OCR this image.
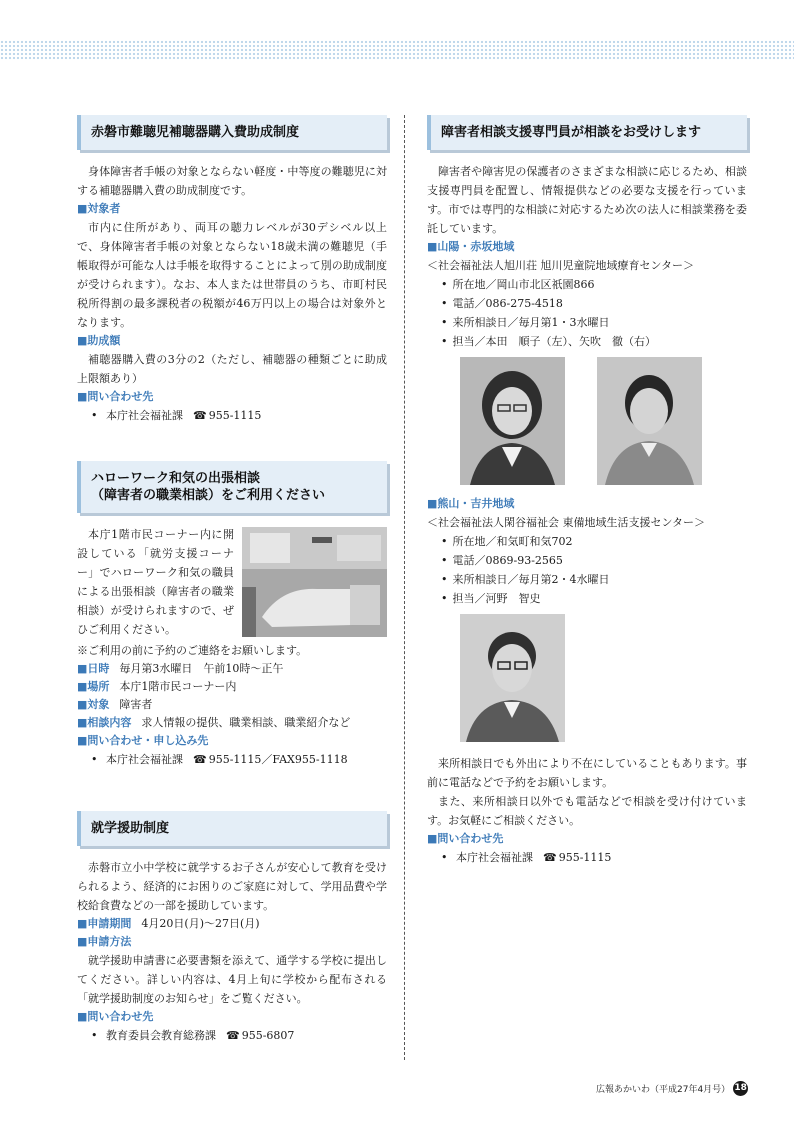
赤磐市難聴児補聴器購入費助成制度

身体障害者手帳の対象とならない軽度・中等度の難聴児に対する補聴器購入費の助成制度です。

■対象者

市内に住所があり、両耳の聴力レベルが30デシベル以上で、身体障害者手帳の対象とならない18歳未満の難聴児（手帳取得が可能な人は手帳を取得することによって別の助成制度が受けられます）。なお、本人または世帯員のうち、市町村民税所得割の最多課税者の税額が46万円以上の場合は対象外となります。

■助成額

補聴器購入費の3分の2（ただし、補聴器の種類ごとに助成上限額あり）

■問い合わせ先

• 本庁社会福祉課 ☎ 955-1115

ハローワーク和気の出張相談
（障害者の職業相談）をご利用ください

本庁1階市民コーナー内に開設している「就労支援コーナー」でハローワーク和気の職員による出張相談（障害者の職業相談）が受けられますので、ぜひご利用ください。

※ご利用の前に予約のご連絡をお願いします。

■日時 毎月第3水曜日　午前10時～正午

■場所 本庁1階市民コーナー内

■対象 障害者

■相談内容 求人情報の提供、職業相談、職業紹介など

■問い合わせ・申し込み先

• 本庁社会福祉課 ☎ 955-1115／FAX955-1118

就学援助制度

赤磐市立小中学校に就学するお子さんが安心して教育を受けられるよう、経済的にお困りのご家庭に対して、学用品費や学校給食費などの一部を援助しています。

■申請期間 4月20日(月)～27日(月)

■申請方法

就学援助申請書に必要書類を添えて、通学する学校に提出してください。詳しい内容は、4月上旬に学校から配布される「就学援助制度のお知らせ」をご覧ください。

■問い合わせ先

• 教育委員会教育総務課 ☎ 955-6807

障害者相談支援専門員が相談をお受けします

障害者や障害児の保護者のさまざまな相談に応じるため、相談支援専門員を配置し、情報提供などの必要な支援を行っています。市では専門的な相談に対応するため次の法人に相談業務を委託しています。

■山陽・赤坂地域

＜社会福祉法人旭川荘 旭川児童院地域療育センター＞

• 所在地／岡山市北区祇園866

• 電話／086-275-4518

• 来所相談日／毎月第1・3水曜日

• 担当／本田　順子（左）、矢吹　徹（右）

■熊山・吉井地域

＜社会福祉法人閑谷福祉会 東備地域生活支援センター＞

• 所在地／和気町和気702

• 電話／0869-93-2565

• 来所相談日／毎月第2・4水曜日

• 担当／河野　智史

来所相談日でも外出により不在にしていることもあります。事前に電話などで予約をお願いします。

また、来所相談日以外でも電話などで相談を受け付けています。お気軽にご相談ください。

■問い合わせ先

• 本庁社会福祉課 ☎ 955-1115

広報あかいわ（平成27年4月号） 18
